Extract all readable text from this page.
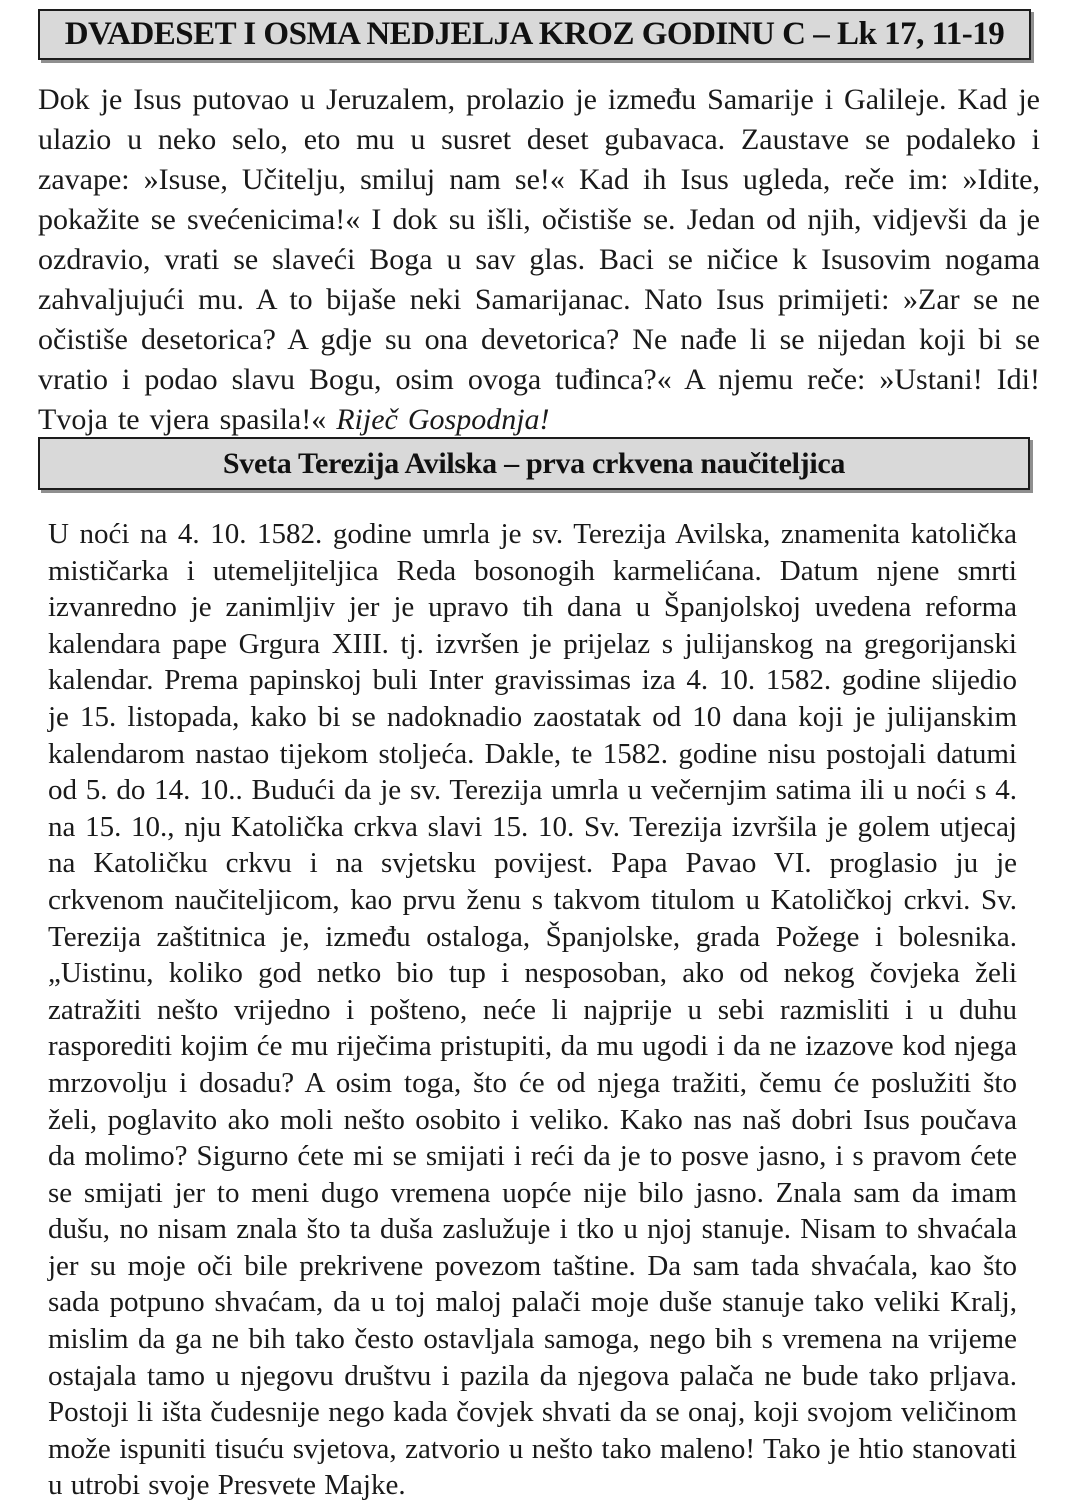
DVADESET I OSMA NEDJELJA KROZ GODINU C – Lk 17, 11-19

Dok je Isus putovao u Jeruzalem, prolazio je između Samarije i Galileje. Kad je ulazio u neko selo, eto mu u susret deset gubavaca. Zaustave se podaleko i zavape: »Isuse, Učitelju, smiluj nam se!« Kad ih Isus ugleda, reče im: »Idite, pokažite se svećenicima!« I dok su išli, očistiše se. Jedan od njih, vidjevši da je ozdravio, vrati se slaveći Boga u sav glas. Baci se ničice k Isusovim nogama zahvaljujući mu. A to bijaše neki Samarijanac. Nato Isus primijeti: »Zar se ne očistiše desetorica? A gdje su ona devetorica? Ne nađe li se nijedan koji bi se vratio i podao slavu Bogu, osim ovoga tuđinca?« A njemu reče: »Ustani! Idi! Tvoja te vjera spasila!« Riječ Gospodnja!

Sveta Terezija Avilska – prva crkvena naučiteljica

U noći na 4. 10. 1582. godine umrla je sv. Terezija Avilska, znamenita katolička mističarka i utemeljiteljica Reda bosonogih karmelićana. Datum njene smrti izvanredno je zanimljiv jer je upravo tih dana u Španjolskoj uvedena reforma kalendara pape Grgura XIII. tj. izvršen je prijelaz s julijanskog na gregorijanski kalendar. Prema papinskoj buli Inter gravissimas iza 4. 10. 1582. godine slijedio je 15. listopada, kako bi se nadoknadio zaostatak od 10 dana koji je julijanskim kalendarom nastao tijekom stoljeća. Dakle, te 1582. godine nisu postojali datumi od 5. do 14. 10.. Budući da je sv. Terezija umrla u večernjim satima ili u noći s 4. na 15. 10., nju Katolička crkva slavi 15. 10. Sv. Terezija izvršila je golem utjecaj na Katoličku crkvu i na svjetsku povijest. Papa Pavao VI. proglasio ju je crkvenom naučiteljicom, kao prvu ženu s takvom titulom u Katoličkoj crkvi. Sv. Terezija zaštitnica je, između ostaloga, Španjolske, grada Požege i bolesnika. „Uistinu, koliko god netko bio tup i nesposoban, ako od nekog čovjeka želi zatražiti nešto vrijedno i pošteno, neće li najprije u sebi razmisliti i u duhu rasporediti kojim će mu riječima pristupiti, da mu ugodi i da ne izazove kod njega mrzovolju i dosadu? A osim toga, što će od njega tražiti, čemu će poslužiti što želi, poglavito ako moli nešto osobito i veliko. Kako nas naš dobri Isus poučava da molimo? Sigurno ćete mi se smijati i reći da je to posve jasno, i s pravom ćete se smijati jer to meni dugo vremena uopće nije bilo jasno. Znala sam da imam dušu, no nisam znala što ta duša zaslužuje i tko u njoj stanuje. Nisam to shvaćala jer su moje oči bile prekrivene povezom taštine. Da sam tada shvaćala, kao što sada potpuno shvaćam, da u toj maloj palači moje duše stanuje tako veliki Kralj, mislim da ga ne bih tako često ostavljala samoga, nego bih s vremena na vrijeme ostajala tamo u njegovu društvu i pazila da njegova palača ne bude tako prljava. Postoji li išta čudesnije nego kada čovjek shvati da se onaj, koji svojom veličinom može ispuniti tisuću svjetova, zatvorio u nešto tako maleno! Tako je htio stanovati u utrobi svoje Presvete Majke.
